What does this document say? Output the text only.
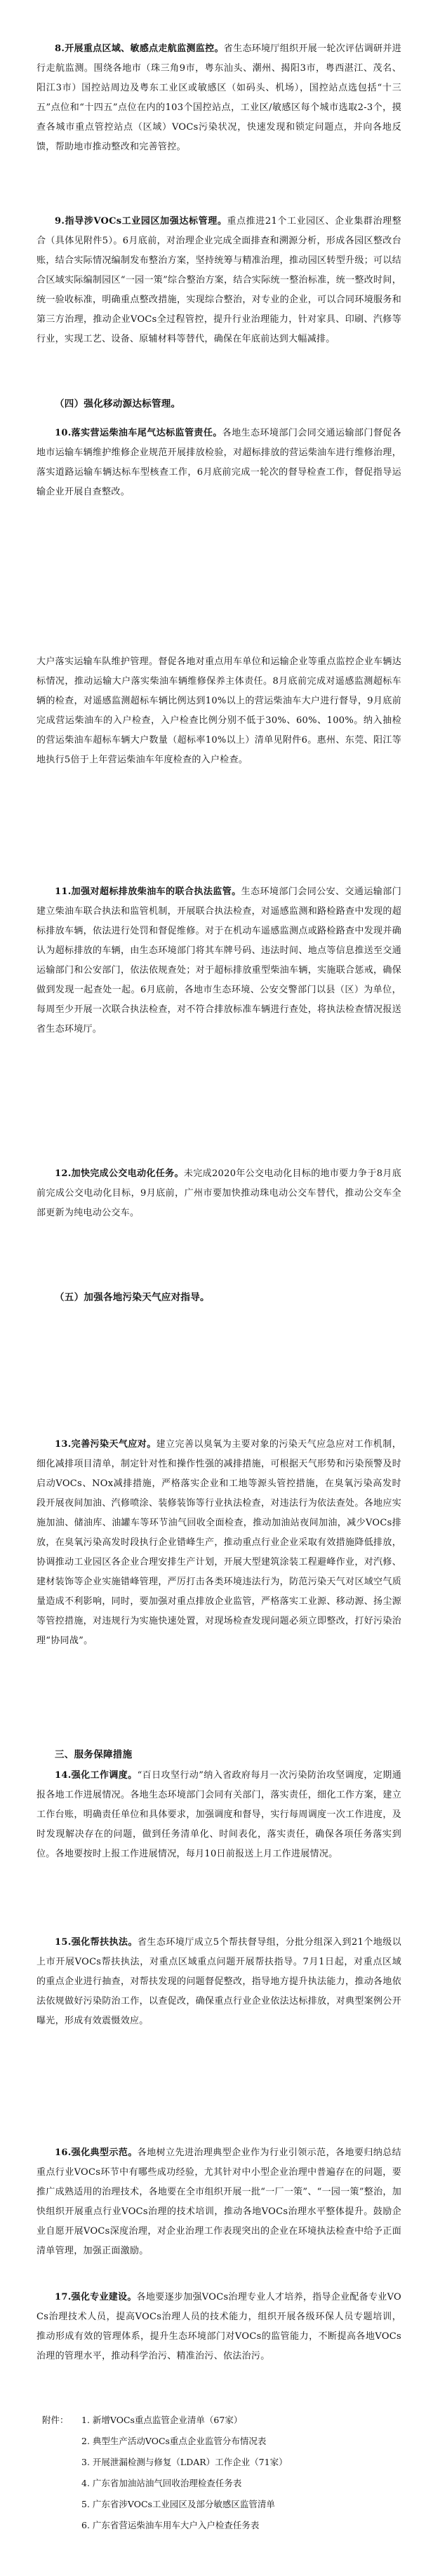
8.开展重点区域、敏感点走航监测监控。省生态环境厅组织开展一轮次评估调研并进行走航监测。围绕各地市（珠三角9市，粤东汕头、潮州、揭阳3市，粤西湛江、茂名、阳江3市）国控站周边及粤东工业区或敏感区（如码头、机场），国控站点选包括“十三五”点位和“十四五”点位在内的103个国控站点，工业区/敏感区每个城市选取2-3个，摸查各城市重点管控站点（区域）VOCs污染状况，快速发现和锁定问题点，并向各地反馈，帮助地市推动整改和完善管控。

9.指导涉VOCs工业园区加强达标管理。重点推进21个工业园区、企业集群治理整合（具体见附件5）。6月底前，对治理企业完成全面排查和溯源分析，形成各园区整改台账，结合实际情况编制发布整治方案，坚持统筹与精准治理，推动园区转型升级；可以结合区域实际编制园区“一园一策”综合整治方案，结合实际统一整治标准，统一整改时间，统一验收标准，明确重点整改措施，实现综合整治，对专业的企业，可以合同环境服务和第三方治理，推动企业VOCs全过程管控，提升行业治理能力，针对家具、印刷、汽修等行业，实现工艺、设备、原辅材料等替代，确保在年底前达到大幅减排。

（四）强化移动源达标管理。

10.落实营运柴油车尾气达标监管责任。各地生态环境部门会同交通运输部门督促各地市运输车辆维护维修企业规范开展排放检验，对超标排放的营运柴油车进行维修治理，落实道路运输车辆达标车型核查工作，6月底前完成一轮次的督导检查工作，督促指导运输企业开展自查整改。

大户落实运输车队维护管理。督促各地对重点用车单位和运输企业等重点监控企业车辆达标情况，推动运输大户落实柴油车辆维修保养主体责任。8月底前完成对遥感监测超标车辆的检查，对遥感监测超标车辆比例达到10%以上的营运柴油车大户进行督导，9月底前完成营运柴油车的入户检查，入户检查比例分别不低于30%、60%、100%。纳入抽检的营运柴油车超标车辆大户数量（超标率10%以上）清单见附件6。惠州、东莞、阳江等地执行5倍于上年营运柴油车年度检查的入户检查。

11.加强对超标排放柴油车的联合执法监管。生态环境部门会同公安、交通运输部门建立柴油车联合执法和监管机制，开展联合执法检查，对遥感监测和路检路查中发现的超标排放车辆，依法进行处罚和督促维修。对于在机动车遥感监测点或路检路查中发现并确认为超标排放的车辆，由生态环境部门将其车牌号码、违法时间、地点等信息推送至交通运输部门和公安部门，依法依规查处；对于超标排放重型柴油车辆，实施联合惩戒，确保做到发现一起查处一起。6月底前，各地市生态环境、公安交警部门以县（区）为单位，每周至少开展一次联合执法检查，对不符合排放标准车辆进行查处，将执法检查情况报送省生态环境厅。

12.加快完成公交电动化任务。未完成2020年公交电动化目标的地市要力争于8月底前完成公交电动化目标，9月底前，广州市要加快推动珠电动公交车替代，推动公交车全部更新为纯电动公交车。

（五）加强各地污染天气应对指导。

13.完善污染天气应对。建立完善以臭氧为主要对象的污染天气应急应对工作机制，细化减排项目清单，制定针对性和操作性强的减排措施，可根据天气形势和污染预警及时启动VOCs、NOx减排措施，严格落实企业和工地等源头管控措施，在臭氧污染高发时段开展夜间加油、汽修喷涂、装修装饰等行业执法检查，对违法行为依法查处。各地应实施加油、储油库、油罐车等环节油气回收全面检查，推动加油站夜间加油，减少VOCs排放，在臭氧污染高发时段执行企业错峰生产，推动重点行业企业采取有效措施降低排放，协调推动工业园区各企业合理安排生产计划，开展大型建筑涂装工程避峰作业，对汽修、建材装饰等企业实施错峰管理，严厉打击各类环境违法行为，防范污染天气对区域空气质量造成不利影响，同时，要加强对重点排放企业监管，严格落实工业源、移动源、扬尘源等管控措施，对违规行为实施快速处置，对现场检查发现问题必须立即整改，打好污染治理“协同战”。

三、服务保障措施

14.强化工作调度。“百日攻坚行动”纳入省政府每月一次污染防治攻坚调度，定期通报各地工作进展情况。各地生态环境部门会同有关部门，落实责任，细化工作方案，建立工作台账，明确责任单位和具体要求，加强调度和督导，实行每周调度一次工作进度，及时发现解决存在的问题，做到任务清单化、时间表化，落实责任，确保各项任务落实到位。各地要按时上报工作进展情况，每月10日前报送上月工作进展情况。

15.强化帮扶执法。省生态环境厅成立5个帮扶督导组，分批分组深入到21个地级以上市开展VOCs帮扶执法，对重点区域重点问题开展帮扶指导。7月1日起，对重点区域的重点企业进行抽查，对帮扶发现的问题督促整改，指导地方提升执法能力，推动各地依法依规做好污染防治工作，以查促改，确保重点行业企业依法达标排放，对典型案例公开曝光，形成有效震慑效应。

16.强化典型示范。各地树立先进治理典型企业作为行业引领示范，各地要归纳总结重点行业VOCs环节中有哪些成功经验，尤其针对中小型企业治理中普遍存在的问题，要推广成熟适用的治理技术，各地要在全市组织开展一批“一厂一策”、“一园一策”整治，加快组织开展重点行业VOCs治理的技术培训，推动各地VOCs治理水平整体提升。鼓励企业自愿开展VOCs深度治理，对企业治理工作表现突出的企业在环境执法检查中给予正面清单管理，加强正面激励。

17.强化专业建设。各地要逐步加强VOCs治理专业人才培养，指导企业配备专业VOCs治理技术人员，提高VOCs治理人员的技术能力，组织开展各级环保人员专题培训，推动形成有效的管理体系，提升生态环境部门对VOCs的监管能力，不断提高各地VOCs治理的管理水平，推动科学治污、精准治污、依法治污。

附件：	1. 新增VOCs重点监管企业清单（67家）
2. 典型生产活动VOCs重点企业监管分布情况表
3. 开展泄漏检测与修复（LDAR）工作企业（71家）
4. 广东省加油站油气回收治理检查任务表
5. 广东省涉VOCs工业园区及部分敏感区监管清单
6. 广东省营运柴油车用车大户入户检查任务表
